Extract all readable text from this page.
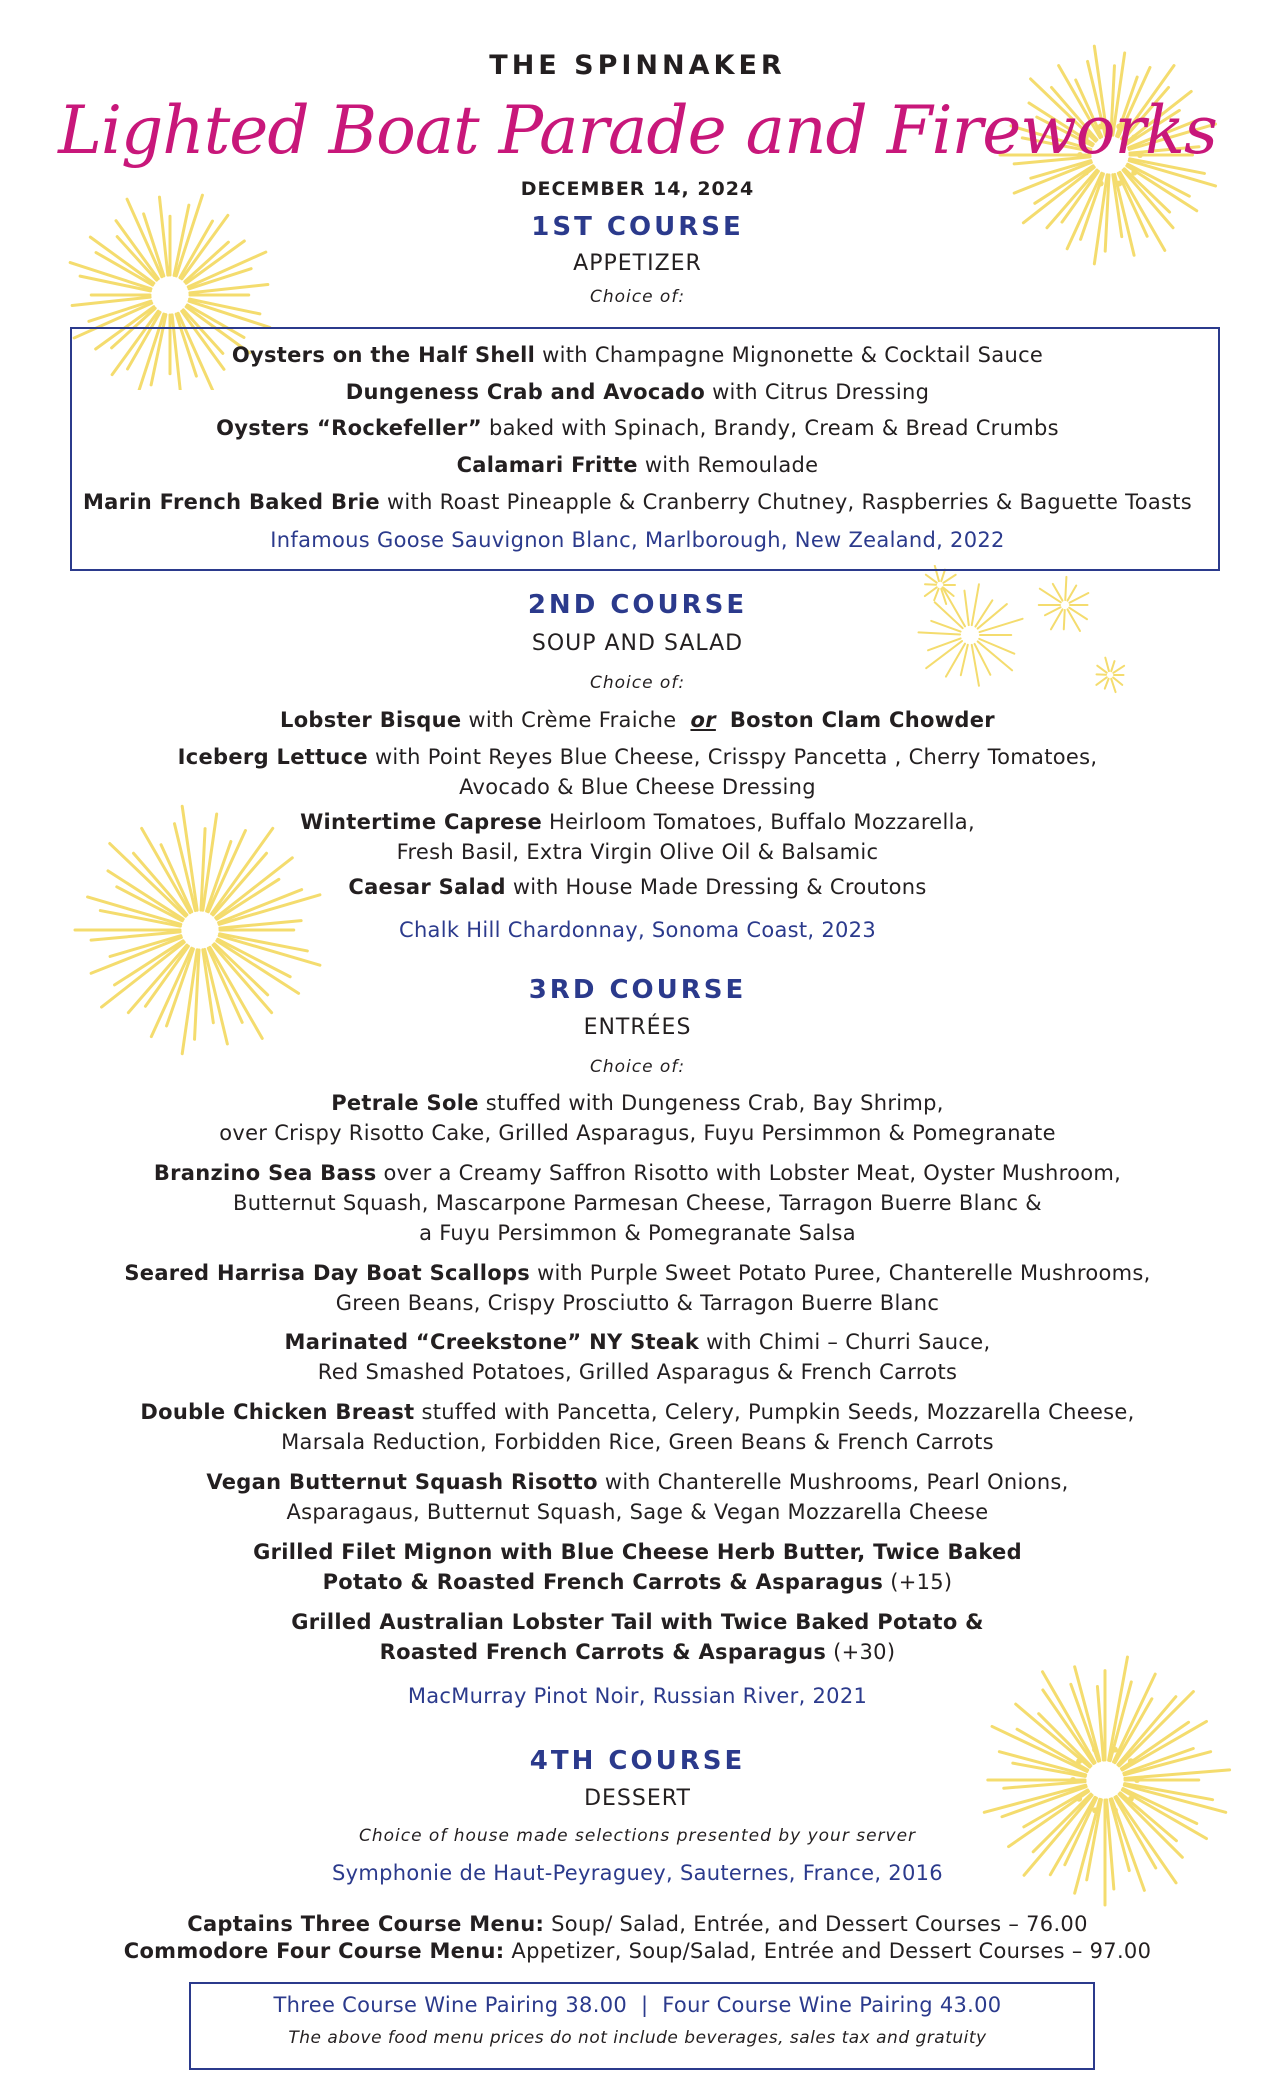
THE SPINNAKER
Lighted Boat Parade and Fireworks
DECEMBER 14, 2024
1ST COURSE
APPETIZER
Choice of:
Oysters on the Half Shell with Champagne Mignonette & Cocktail Sauce
Dungeness Crab and Avocado with Citrus Dressing
Oysters “Rockefeller” baked with Spinach, Brandy, Cream & Bread Crumbs
Calamari Fritte with Remoulade
Marin French Baked Brie with Roast Pineapple & Cranberry Chutney, Raspberries & Baguette Toasts
Infamous Goose Sauvignon Blanc, Marlborough, New Zealand, 2022
2ND COURSE
SOUP AND SALAD
Choice of:
Lobster Bisque with Crème Fraiche or Boston Clam Chowder
Iceberg Lettuce with Point Reyes Blue Cheese, Crisspy Pancetta , Cherry Tomatoes,
Avocado & Blue Cheese Dressing
Wintertime Caprese Heirloom Tomatoes, Buffalo Mozzarella,
Fresh Basil, Extra Virgin Olive Oil & Balsamic
Caesar Salad with House Made Dressing & Croutons
Chalk Hill Chardonnay, Sonoma Coast, 2023
3RD COURSE
ENTRÉES
Choice of:
Petrale Sole stuffed with Dungeness Crab, Bay Shrimp,
over Crispy Risotto Cake, Grilled Asparagus, Fuyu Persimmon & Pomegranate
Branzino Sea Bass over a Creamy Saffron Risotto with Lobster Meat, Oyster Mushroom,
Butternut Squash, Mascarpone Parmesan Cheese, Tarragon Buerre Blanc &
a Fuyu Persimmon & Pomegranate Salsa
Seared Harrisa Day Boat Scallops with Purple Sweet Potato Puree, Chanterelle Mushrooms,
Green Beans, Crispy Prosciutto & Tarragon Buerre Blanc
Marinated “Creekstone” NY Steak with Chimi – Churri Sauce,
Red Smashed Potatoes, Grilled Asparagus & French Carrots
Double Chicken Breast stuffed with Pancetta, Celery, Pumpkin Seeds, Mozzarella Cheese,
Marsala Reduction, Forbidden Rice, Green Beans & French Carrots
Vegan Butternut Squash Risotto with Chanterelle Mushrooms, Pearl Onions,
Asparagaus, Butternut Squash, Sage & Vegan Mozzarella Cheese
Grilled Filet Mignon with Blue Cheese Herb Butter, Twice Baked
Potato & Roasted French Carrots & Asparagus (+15)
Grilled Australian Lobster Tail with Twice Baked Potato &
Roasted French Carrots & Asparagus (+30)
MacMurray Pinot Noir, Russian River, 2021
4TH COURSE
DESSERT
Choice of house made selections presented by your server
Symphonie de Haut-Peyraguey, Sauternes, France, 2016
Captains Three Course Menu: Soup/ Salad, Entrée, and Dessert Courses – 76.00
Commodore Four Course Menu: Appetizer, Soup/Salad, Entrée and Dessert Courses – 97.00
Three Course Wine Pairing 38.00  |  Four Course Wine Pairing 43.00
The above food menu prices do not include beverages, sales tax and gratuity
